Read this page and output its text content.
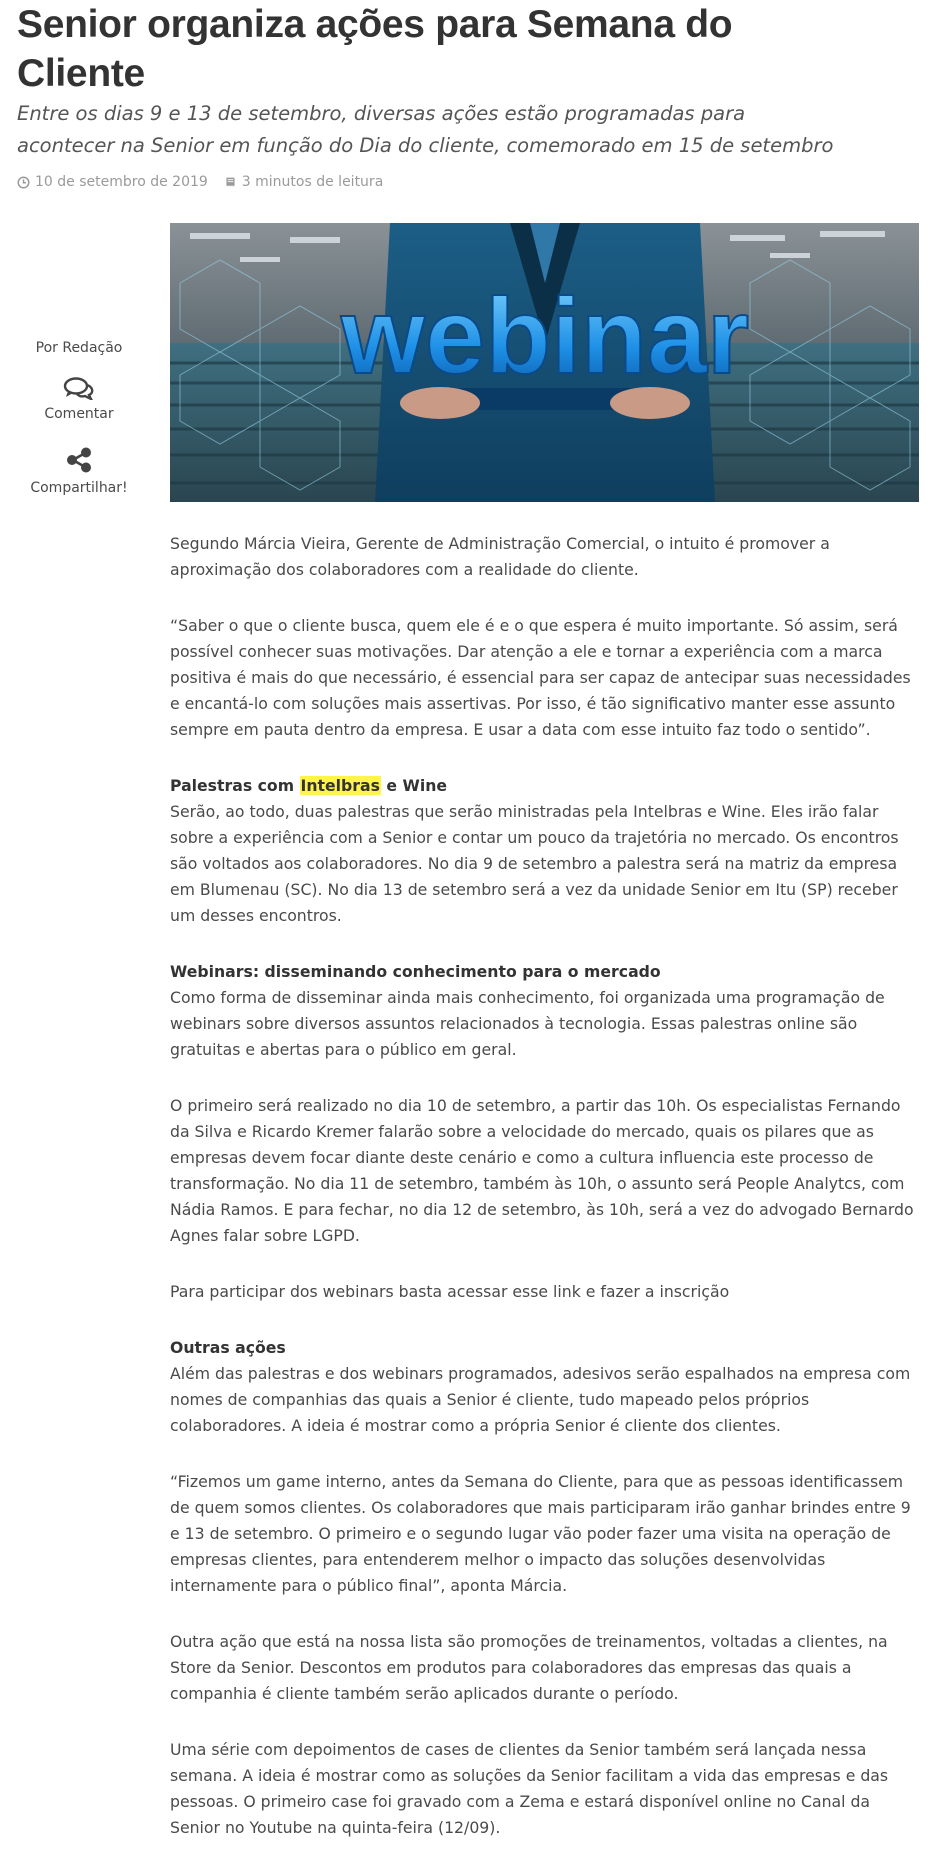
Senior organiza ações para Semana do Cliente

Entre os dias 9 e 13 de setembro, diversas ações estão programadas para acontecer na Senior em função do Dia do cliente, comemorado em 15 de setembro

10 de setembro de 2019 3 minutos de leitura
Por Redação
Comentar
Compartilhar!
webinar

Segundo Márcia Vieira, Gerente de Administração Comercial, o intuito é promover a aproximação dos colaboradores com a realidade do cliente.

“Saber o que o cliente busca, quem ele é e o que espera é muito importante. Só assim, será possível conhecer suas motivações. Dar atenção a ele e tornar a experiência com a marca positiva é mais do que necessário, é essencial para ser capaz de antecipar suas necessidades e encantá-lo com soluções mais assertivas. Por isso, é tão significativo manter esse assunto sempre em pauta dentro da empresa. E usar a data com esse intuito faz todo o sentido”.

Palestras com Intelbras e Wine

Serão, ao todo, duas palestras que serão ministradas pela Intelbras e Wine. Eles irão falar sobre a experiência com a Senior e contar um pouco da trajetória no mercado. Os encontros são voltados aos colaboradores. No dia 9 de setembro a palestra será na matriz da empresa em Blumenau (SC). No dia 13 de setembro será a vez da unidade Senior em Itu (SP) receber um desses encontros.

Webinars: disseminando conhecimento para o mercado

Como forma de disseminar ainda mais conhecimento, foi organizada uma programação de webinars sobre diversos assuntos relacionados à tecnologia. Essas palestras online são gratuitas e abertas para o público em geral.

O primeiro será realizado no dia 10 de setembro, a partir das 10h. Os especialistas Fernando da Silva e Ricardo Kremer falarão sobre a velocidade do mercado, quais os pilares que as empresas devem focar diante deste cenário e como a cultura influencia este processo de transformação. No dia 11 de setembro, também às 10h, o assunto será People Analytcs, com Nádia Ramos. E para fechar, no dia 12 de setembro, às 10h, será a vez do advogado Bernardo Agnes falar sobre LGPD.

Para participar dos webinars basta acessar esse link e fazer a inscrição

Outras ações

Além das palestras e dos webinars programados, adesivos serão espalhados na empresa com nomes de companhias das quais a Senior é cliente, tudo mapeado pelos próprios colaboradores. A ideia é mostrar como a própria Senior é cliente dos clientes.

“Fizemos um game interno, antes da Semana do Cliente, para que as pessoas identificassem de quem somos clientes. Os colaboradores que mais participaram irão ganhar brindes entre 9 e 13 de setembro. O primeiro e o segundo lugar vão poder fazer uma visita na operação de empresas clientes, para entenderem melhor o impacto das soluções desenvolvidas internamente para o público final”, aponta Márcia.

Outra ação que está na nossa lista são promoções de treinamentos, voltadas a clientes, na Store da Senior. Descontos em produtos para colaboradores das empresas das quais a companhia é cliente também serão aplicados durante o período.

Uma série com depoimentos de cases de clientes da Senior também será lançada nessa semana. A ideia é mostrar como as soluções da Senior facilitam a vida das empresas e das pessoas. O primeiro case foi gravado com a Zema e estará disponível online no Canal da Senior no Youtube na quinta-feira (12/09).
